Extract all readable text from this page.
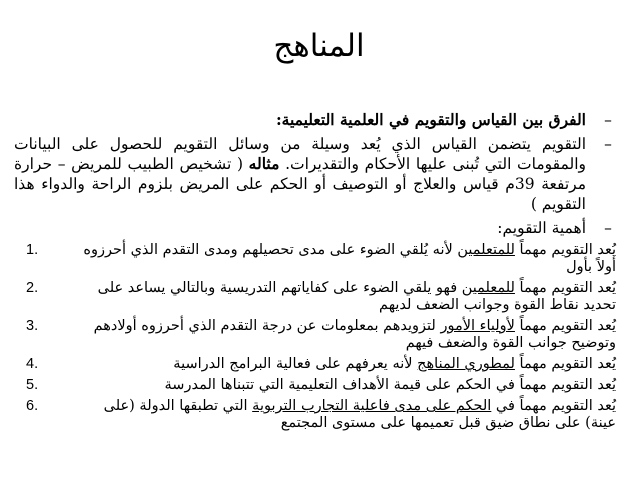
المناهج
–

الفرق بين القياس والتقويم في العلمية التعليمية:

–

التقويم يتضمن القياس الذي يُعد وسيلة من وسائل التقويم للحصول على البيانات والمقومات التي تُبنى عليها الأحكام والتقديرات. مثاله ( تشخيص الطبيب للمريض – حرارة مرتفعة 39م قياس والعلاج أو التوصيف أو الحكم على المريض بلزوم الراحة والدواء هذا التقويم )

–

أهمية التقويم:

1.	يُعد التقويم مهماً للمتعلمين لأنه يُلقي الضوء على مدى تحصيلهم ومدى التقدم الذي أحرزوه أولاً بأول
2.	يُعد التقويم مهماً للمعلمين فهو يلقي الضوء على كفاياتهم التدريسية وبالتالي يساعد على تحديد نقاط القوة وجوانب الضعف لديهم
3.	يُعد التقويم مهماً لأولياء الأمور لتزويدهم بمعلومات عن درجة التقدم الذي أحرزوه أولادهم وتوضيح جوانب القوة والضعف فيهم
4.	يُعد التقويم مهماً لمطوري المناهج لأنه يعرفهم على فعالية البرامج الدراسية
5.	يُعد التقويم مهماً في الحكم على قيمة الأهداف التعليمية التي تتبناها المدرسة
6.	يُعد التقويم مهماً في الحكم على مدى فاعلية التجارب التربوية التي تطبقها الدولة (على عينة) على نطاق ضيق قبل تعميمها على مستوى المجتمع
